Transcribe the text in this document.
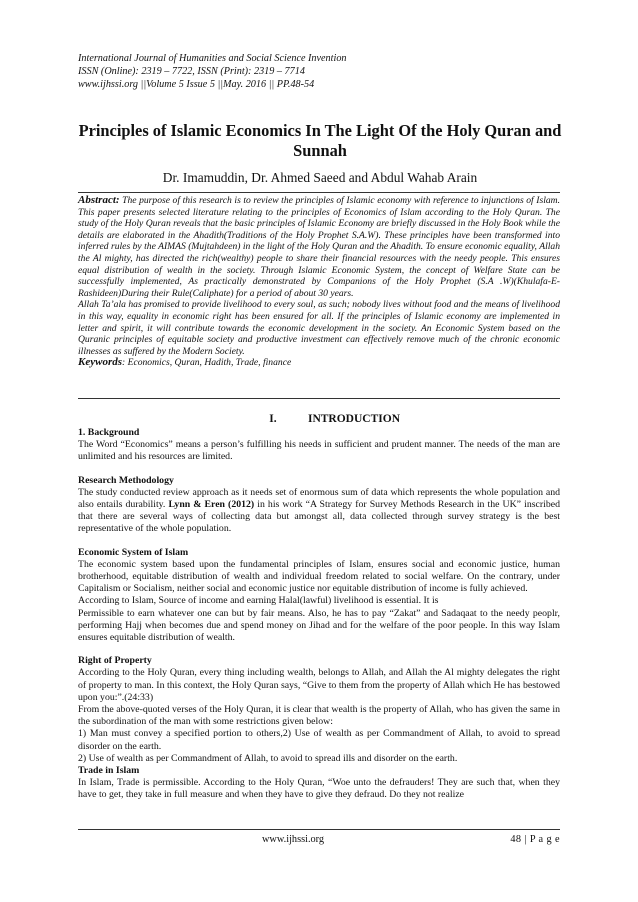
International Journal of Humanities and Social Science Invention
ISSN (Online): 2319 – 7722, ISSN (Print): 2319 – 7714
www.ijhssi.org ||Volume 5 Issue 5 ||May. 2016 || PP.48-54
Principles of Islamic Economics In The Light Of the Holy Quran and Sunnah
Dr. Imamuddin, Dr. Ahmed Saeed and Abdul Wahab Arain

Abstract: The purpose of this research is to review the principles of Islamic economy with reference to injunctions of Islam. This paper presents selected literature relating to the principles of Economics of Islam according to the Holy Quran. The study of the Holy Quran reveals that the basic principles of Islamic Economy are briefly discussed in the Holy Book while the details are elaborated in the Ahadith(Traditions of the Holy Prophet S.A.W). These principles have been transformed into inferred rules by the AIMAS (Mujtahdeen) in the light of the Holy Quran and the Ahadith. To ensure economic equality, Allah the Al mighty, has directed the rich(wealthy) people to share their financial resources with the needy people. This ensures equal distribution of wealth in the society. Through Islamic Economic System, the concept of Welfare State can be successfully implemented, As practically demonstrated by Companions of the Holy Prophet (S.A .W)(Khulafa-E-Rashideen)During their Rule(Caliphate) for a period of about 30 years.

Allah Ta’ala has promised to provide livelihood to every soul, as such; nobody lives without food and the means of livelihood in this way, equality in economic right has been ensured for all. If the principles of Islamic economy are implemented in letter and spirit, it will contribute towards the economic development in the society. An Economic System based on the Quranic principles of equitable society and productive investment can effectively remove much of the chronic economic illnesses as suffered by the Modern Society.

Keywords: Economics, Quran, Hadith, Trade, finance

I.	INTRODUCTION

1. Background

The Word “Economics” means a person’s fulfilling his needs in sufficient and prudent manner. The needs of the man are unlimited and his resources are limited.

Research Methodology

The study conducted review approach as it needs set of enormous sum of data which represents the whole population and also entails durability. Lynn & Eren (2012) in his work “A Strategy for Survey Methods Research in the UK” inscribed that there are several ways of collecting data but amongst all, data collected through survey strategy is the best representative of the whole population.

Economic System of Islam

The economic system based upon the fundamental principles of Islam, ensures social and economic justice, human brotherhood, equitable distribution of wealth and individual freedom related to social welfare. On the contrary, under Capitalism or Socialism, neither social and economic justice nor equitable distribution of income is fully achieved.

According to Islam, Source of income and earning Halal(lawful) livelihood is essential. It is

Permissible to earn whatever one can but by fair means. Also, he has to pay “Zakat” and Sadaqaat to the needy peoplr, performing Hajj when becomes due and spend money on Jihad and for the welfare of the poor people. In this way Islam ensures equitable distribution of wealth.

Right of Property

According to the Holy Quran, every thing including wealth, belongs to Allah, and Allah the Al mighty delegates the right of property to man. In this context, the Holy Quran says, “Give to them from the property of Allah which He has bestowed upon you:”.(24:33)

From the above-quoted verses of the Holy Quran, it is clear that wealth is the property of Allah, who has given the same in the subordination of the man with some restrictions given below:

1) Man must convey a specified portion to others,2) Use of wealth as per Commandment of Allah, to avoid to spread disorder on the earth.

2) Use of wealth as per Commandment of Allah, to avoid to spread ills and disorder on the earth.

Trade in Islam

In Islam, Trade is permissible. According to the Holy Quran, “Woe unto the defrauders! They are such that, when they have to get, they take in full measure and when they have to give they defraud. Do they not realize

www.ijhssi.org	48 | P a g e
